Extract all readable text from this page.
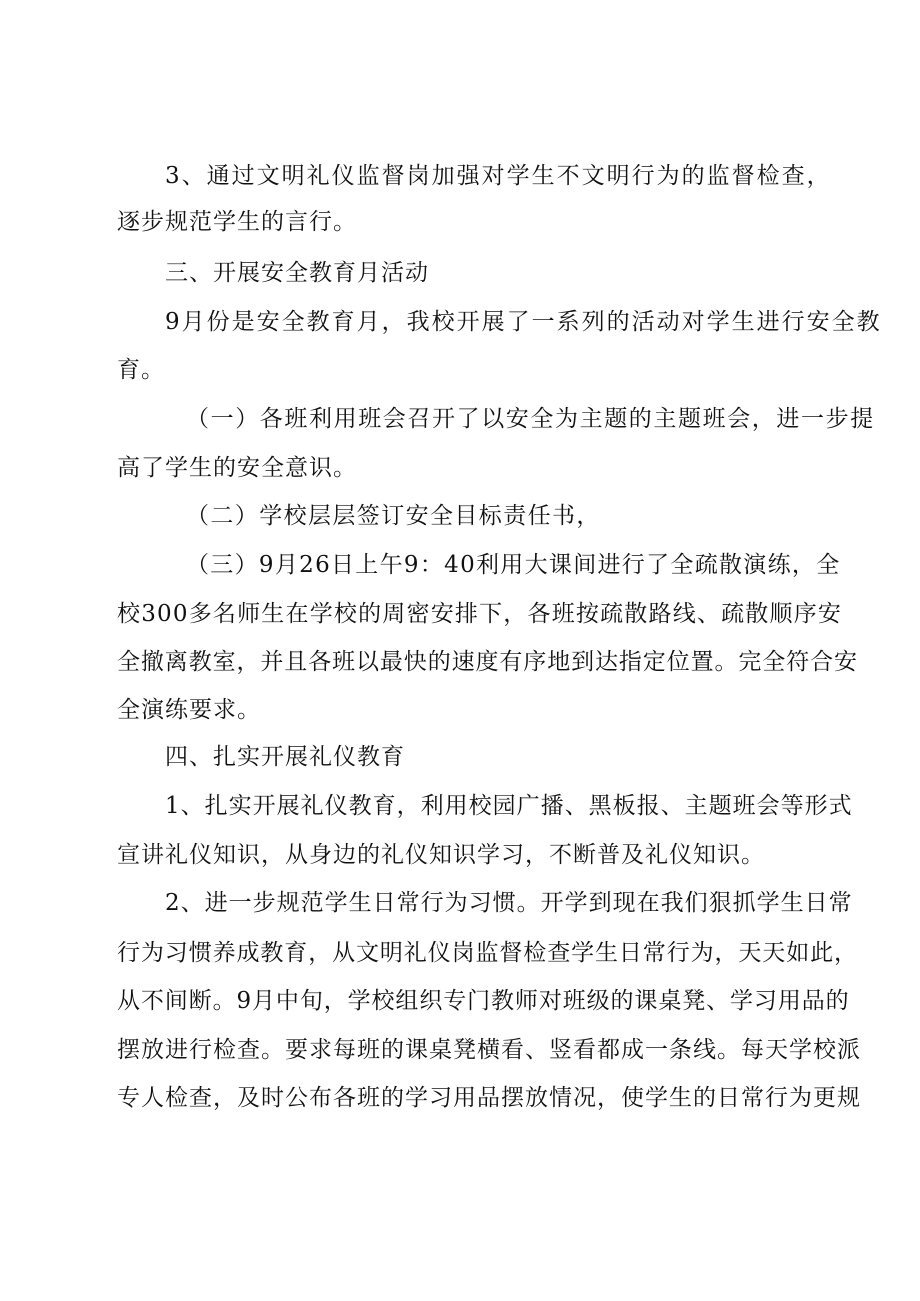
3、通过文明礼仪监督岗加强对学生不文明行为的监督检查，
逐步规范学生的言行。
三、开展安全教育月活动
9月份是安全教育月，我校开展了一系列的活动对学生进行安全教
育。
（一）各班利用班会召开了以安全为主题的主题班会，进一步提
高了学生的安全意识。
（二）学校层层签订安全目标责任书，
（三）9月26日上午9：40利用大课间进行了全疏散演练，全
校300多名师生在学校的周密安排下，各班按疏散路线、疏散顺序安
全撤离教室，并且各班以最快的速度有序地到达指定位置。完全符合安
全演练要求。
四、扎实开展礼仪教育
1、扎实开展礼仪教育，利用校园广播、黑板报、主题班会等形式
宣讲礼仪知识，从身边的礼仪知识学习，不断普及礼仪知识。
2、进一步规范学生日常行为习惯。开学到现在我们狠抓学生日常
行为习惯养成教育，从文明礼仪岗监督检查学生日常行为，天天如此，
从不间断。9月中旬，学校组织专门教师对班级的课桌凳、学习用品的
摆放进行检查。要求每班的课桌凳横看、竖看都成一条线。每天学校派
专人检查，及时公布各班的学习用品摆放情况，使学生的日常行为更规
